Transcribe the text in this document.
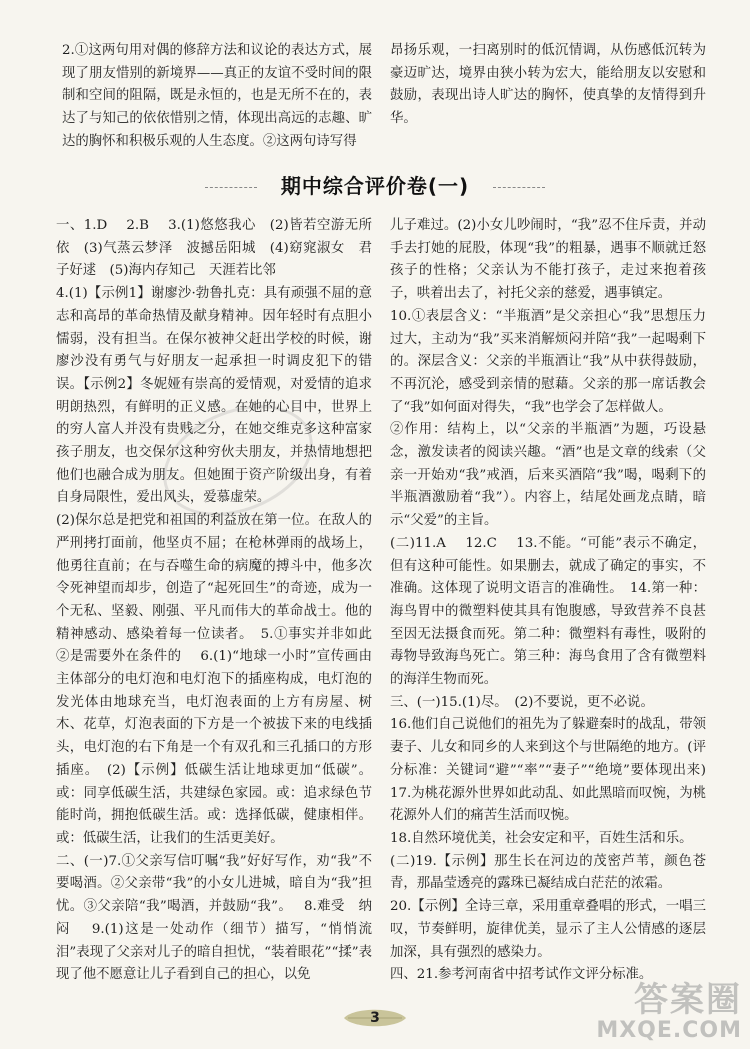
2.①这两句用对偶的修辞方法和议论的表达方式，展现了朋友惜别的新境界——真正的友谊不受时间的限制和空间的阻隔，既是永恒的，也是无所不在的，表达了与知己的依依惜别之情，体现出高远的志趣、旷达的胸怀和积极乐观的人生态度。②这两句诗写得

昂扬乐观，一扫离别时的低沉情调，从伤感低沉转为豪迈旷达，境界由狭小转为宏大，能给朋友以安慰和鼓励，表现出诗人旷达的胸怀，使真挚的友情得到升华。

期中综合评价卷(一)

一、1.D　 2.B　 3.(1)悠悠我心　(2)皆若空游无所依　(3)气蒸云梦泽　波撼岳阳城　(4)窈窕淑女　君子好逑　(5)海内存知己　天涯若比邻

4.(1)【示例1】谢廖沙·勃鲁扎克：具有顽强不屈的意志和高昂的革命热情及献身精神。因年轻时有点胆小懦弱，没有担当。在保尔被神父赶出学校的时候，谢廖沙没有勇气与好朋友一起承担一时调皮犯下的错误。【示例2】冬妮娅有崇高的爱情观，对爱情的追求明朗热烈，有鲜明的正义感。在她的心目中，世界上的穷人富人并没有贵贱之分，在她交维克多这种富家孩子朋友，也交保尔这种穷伙夫朋友，并热情地想把他们也融合成为朋友。但她囿于资产阶级出身，有着自身局限性，爱出风头，爱慕虚荣。

(2)保尔总是把党和祖国的利益放在第一位。在敌人的严刑拷打面前，他坚贞不屈；在枪林弹雨的战场上，他勇往直前；在与吞噬生命的病魔的搏斗中，他多次令死神望而却步，创造了“起死回生”的奇迹，成为一个无私、坚毅、刚强、平凡而伟大的革命战士。他的精神感动、感染着每一位读者。　5.①事实并非如此　②是需要外在条件的　 6.(1)“地球一小时”宣传画由主体部分的电灯泡和电灯泡下的插座构成，电灯泡的发光体由地球充当，电灯泡表面的上方有房屋、树木、花草，灯泡表面的下方是一个被拔下来的电线插头，电灯泡的右下角是一个有双孔和三孔插口的方形插座。　(2)【示例】低碳生活让地球更加“低碳”。或：同享低碳生活，共建绿色家园。或：追求绿色节能时尚，拥抱低碳生活。或：选择低碳，健康相伴。或：低碳生活，让我们的生活更美好。

二、(一)7.①父亲写信叮嘱“我”好好写作，劝“我”不要喝酒。②父亲带“我”的小女儿进城，暗自为“我”担忧。③父亲陪“我”喝酒，并鼓励“我”。　 8.难受　纳闷　 9.(1)这是一处动作（细节）描写，“悄悄流泪”表现了父亲对儿子的暗自担忧，“装着眼花”“揉”表现了他不愿意让儿子看到自己的担心，以免

儿子难过。(2)小女儿吵闹时，“我”忍不住斥责，并动手去打她的屁股，体现“我”的粗暴，遇事不顺就迁怒孩子的性格；父亲认为不能打孩子，走过来抱着孩子，哄着出去了，衬托父亲的慈爱，遇事镇定。

10.①表层含义：“半瓶酒”是父亲担心“我”思想压力过大，主动为“我”买来消解烦闷并陪“我”一起喝剩下的。深层含义：父亲的半瓶酒让“我”从中获得鼓励，不再沉沦，感受到亲情的慰藉。父亲的那一席话教会了“我”如何面对得失，“我”也学会了怎样做人。

②作用：结构上，以“父亲的半瓶酒”为题，巧设悬念，激发读者的阅读兴趣。“酒”也是文章的线索（父亲一开始劝“我”戒酒，后来买酒陪“我”喝，喝剩下的半瓶酒激励着“我”）。内容上，结尾处画龙点睛，暗示“父爱”的主旨。

(二)11.A　 12.C　 13.不能。“可能”表示不确定，但有这种可能性。如果删去，就成了确定的事实，不准确。这体现了说明文语言的准确性。　14.第一种：海鸟胃中的微塑料使其具有饱腹感，导致营养不良甚至因无法摄食而死。第二种：微塑料有毒性，吸附的毒物导致海鸟死亡。第三种：海鸟食用了含有微塑料的海洋生物而死。

三、(一)15.(1)尽。　(2)不要说，更不必说。

16.他们自己说他们的祖先为了躲避秦时的战乱，带领妻子、儿女和同乡的人来到这个与世隔绝的地方。(评分标准：关键词“避”“率”“妻子”“绝境”要体现出来)　 17.为桃花源外世界如此动乱、如此黑暗而叹惋，为桃花源外人们的痛苦生活而叹惋。

18.自然环境优美，社会安定和平，百姓生活和乐。

(二)19.【示例】那生长在河边的茂密芦苇，颜色苍青，那晶莹透亮的露珠已凝结成白茫茫的浓霜。

20.【示例】全诗三章，采用重章叠唱的形式，一唱三叹，节奏鲜明，旋律优美，显示了主人公情感的逐层加深，具有强烈的感染力。

四、21.参考河南省中招考试作文评分标准。

3	答案圈
MXQE.COM
